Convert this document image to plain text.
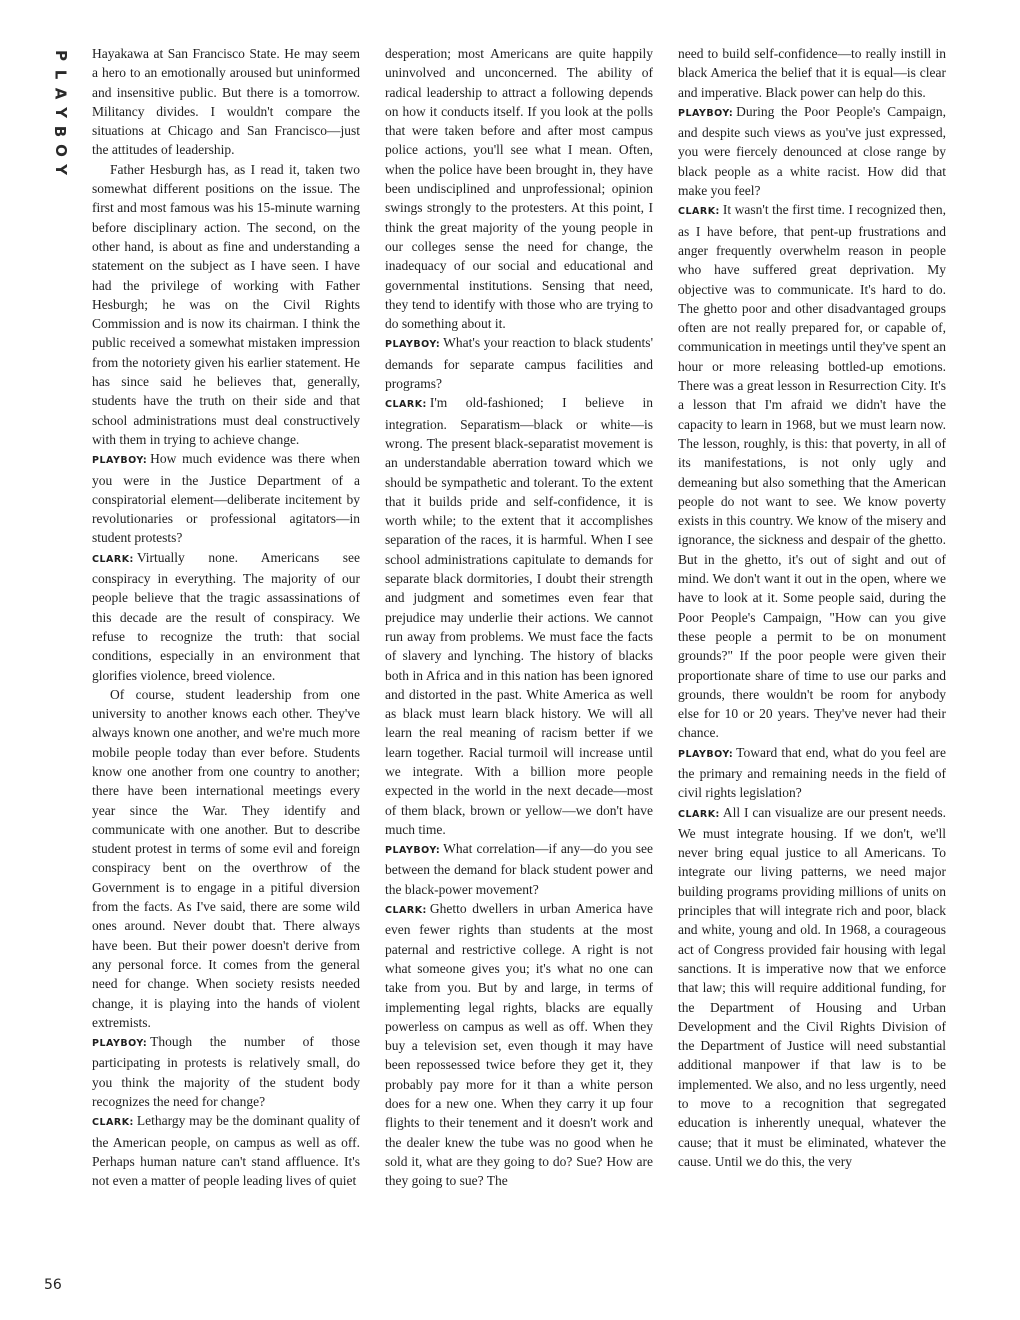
P
L
A
Y
B
O
Y
56

Hayakawa at San Francisco State. He may seem a hero to an emotionally aroused but uninformed and insensitive public. But there is a tomorrow. Militancy divides. I wouldn't compare the situations at Chicago and San Francisco—just the attitudes of leadership.

Father Hesburgh has, as I read it, taken two somewhat different positions on the issue. The first and most famous was his 15-minute warning before disciplinary action. The second, on the other hand, is about as fine and understanding a statement on the subject as I have seen. I have had the privilege of working with Father Hesburgh; he was on the Civil Rights Commission and is now its chairman. I think the public received a somewhat mistaken impression from the notoriety given his earlier statement. He has since said he believes that, generally, students have the truth on their side and that school administrations must deal constructively with them in trying to achieve change.

PLAYBOY: How much evidence was there when you were in the Justice Department of a conspiratorial element—deliberate incitement by revolutionaries or professional agitators—in student protests?

CLARK: Virtually none. Americans see conspiracy in everything. The majority of our people believe that the tragic assassinations of this decade are the result of conspiracy. We refuse to recognize the truth: that social conditions, especially in an environment that glorifies violence, breed violence.

Of course, student leadership from one university to another knows each other. They've always known one another, and we're much more mobile people today than ever before. Students know one another from one country to another; there have been international meetings every year since the War. They identify and communicate with one another. But to describe student protest in terms of some evil and foreign conspiracy bent on the overthrow of the Government is to engage in a pitiful diversion from the facts. As I've said, there are some wild ones around. Never doubt that. There always have been. But their power doesn't derive from any personal force. It comes from the general need for change. When society resists needed change, it is playing into the hands of violent extremists.

PLAYBOY: Though the number of those participating in protests is relatively small, do you think the majority of the student body recognizes the need for change?

CLARK: Lethargy may be the dominant quality of the American people, on campus as well as off. Perhaps human nature can't stand affluence. It's not even a matter of people leading lives of quiet

desperation; most Americans are quite happily uninvolved and unconcerned. The ability of radical leadership to attract a following depends on how it conducts itself. If you look at the polls that were taken before and after most campus police actions, you'll see what I mean. Often, when the police have been brought in, they have been undisciplined and unprofessional; opinion swings strongly to the protesters. At this point, I think the great majority of the young people in our colleges sense the need for change, the inadequacy of our social and educational and governmental institutions. Sensing that need, they tend to identify with those who are trying to do something about it.

PLAYBOY: What's your reaction to black students' demands for separate campus facilities and programs?

CLARK: I'm old-fashioned; I believe in integration. Separatism—black or white—is wrong. The present black-separatist movement is an understandable aberration toward which we should be sympathetic and tolerant. To the extent that it builds pride and self-confidence, it is worth while; to the extent that it accomplishes separation of the races, it is harmful. When I see school administrations capitulate to demands for separate black dormitories, I doubt their strength and judgment and sometimes even fear that prejudice may underlie their actions. We cannot run away from problems. We must face the facts of slavery and lynching. The history of blacks both in Africa and in this nation has been ignored and distorted in the past. White America as well as black must learn black history. We will all learn the real meaning of racism better if we learn together. Racial turmoil will increase until we integrate. With a billion more people expected in the world in the next decade—most of them black, brown or yellow—we don't have much time.

PLAYBOY: What correlation—if any—do you see between the demand for black student power and the black-power movement?

CLARK: Ghetto dwellers in urban America have even fewer rights than students at the most paternal and restrictive college. A right is not what someone gives you; it's what no one can take from you. But by and large, in terms of implementing legal rights, blacks are equally powerless on campus as well as off. When they buy a television set, even though it may have been repossessed twice before they get it, they probably pay more for it than a white person does for a new one. When they carry it up four flights to their tenement and it doesn't work and the dealer knew the tube was no good when he sold it, what are they going to do? Sue? How are they going to sue? The

need to build self-confidence—to really instill in black America the belief that it is equal—is clear and imperative. Black power can help do this.

PLAYBOY: During the Poor People's Campaign, and despite such views as you've just expressed, you were fiercely denounced at close range by black people as a white racist. How did that make you feel?

CLARK: It wasn't the first time. I recognized then, as I have before, that pent-up frustrations and anger frequently overwhelm reason in people who have suffered great deprivation. My objective was to communicate. It's hard to do. The ghetto poor and other disadvantaged groups often are not really prepared for, or capable of, communication in meetings until they've spent an hour or more releasing bottled-up emotions. There was a great lesson in Resurrection City. It's a lesson that I'm afraid we didn't have the capacity to learn in 1968, but we must learn now. The lesson, roughly, is this: that poverty, in all of its manifestations, is not only ugly and demeaning but also something that the American people do not want to see. We know poverty exists in this country. We know of the misery and ignorance, the sickness and despair of the ghetto. But in the ghetto, it's out of sight and out of mind. We don't want it out in the open, where we have to look at it. Some people said, during the Poor People's Campaign, "How can you give these people a permit to be on monument grounds?" If the poor people were given their proportionate share of time to use our parks and grounds, there wouldn't be room for anybody else for 10 or 20 years. They've never had their chance.

PLAYBOY: Toward that end, what do you feel are the primary and remaining needs in the field of civil rights legislation?

CLARK: All I can visualize are our present needs. We must integrate housing. If we don't, we'll never bring equal justice to all Americans. To integrate our living patterns, we need major building programs providing millions of units on principles that will integrate rich and poor, black and white, young and old. In 1968, a courageous act of Congress provided fair housing with legal sanctions. It is imperative now that we enforce that law; this will require additional funding, for the Department of Housing and Urban Development and the Civil Rights Division of the Department of Justice will need substantial additional manpower if that law is to be implemented. We also, and no less urgently, need to move to a recognition that segregated education is inherently unequal, whatever the cause; that it must be eliminated, whatever the cause. Until we do this, the very
